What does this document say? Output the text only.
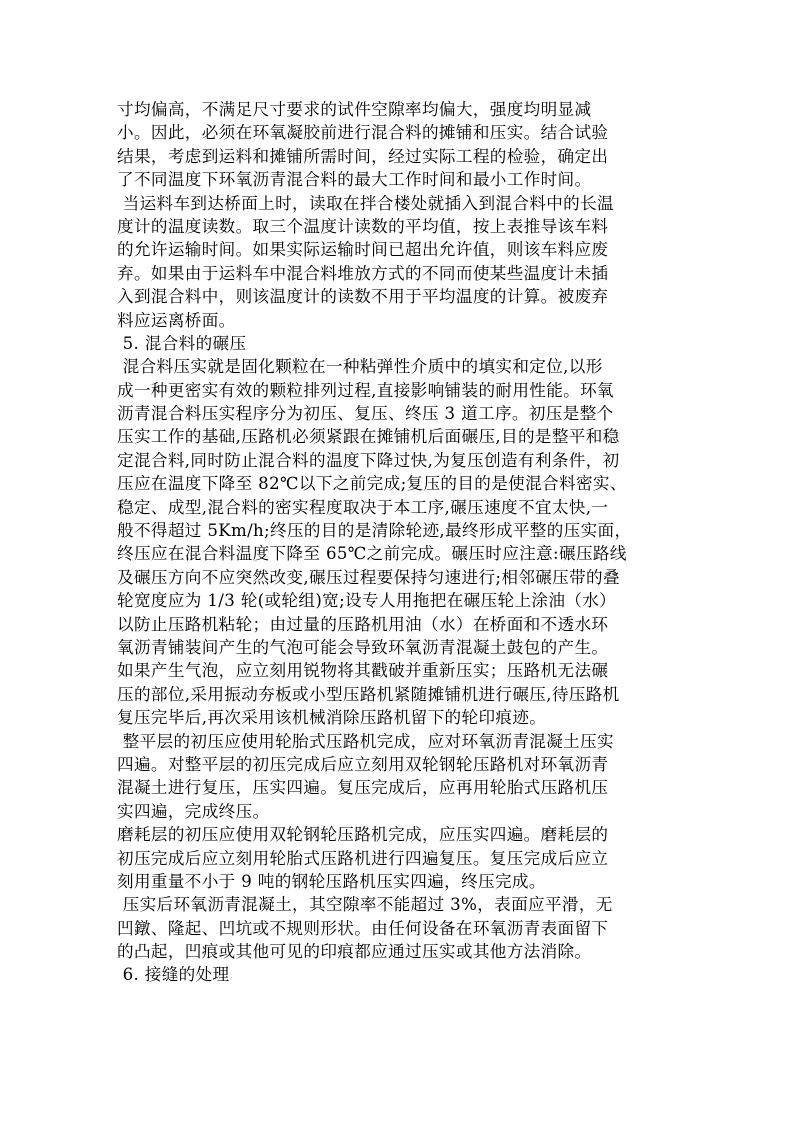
寸均偏高，不满足尺寸要求的试件空隙率均偏大，强度均明显减
小。因此，必须在环氧凝胶前进行混合料的摊铺和压实。结合试验
结果，考虑到运料和摊铺所需时间，经过实际工程的检验，确定出
了不同温度下环氧沥青混合料的最大工作时间和最小工作时间。
当运料车到达桥面上时，读取在拌合楼处就插入到混合料中的长温
度计的温度读数。取三个温度计读数的平均值，按上表推导该车料
的允许运输时间。如果实际运输时间已超出允许值，则该车料应废
弃。如果由于运料车中混合料堆放方式的不同而使某些温度计未插
入到混合料中，则该温度计的读数不用于平均温度的计算。被废弃
料应运离桥面。
5. 混合料的碾压
混合料压实就是固化颗粒在一种粘弹性介质中的填实和定位,以形
成一种更密实有效的颗粒排列过程,直接影响铺装的耐用性能。环氧
沥青混合料压实程序分为初压、复压、终压 3 道工序。初压是整个
压实工作的基础,压路机必须紧跟在摊铺机后面碾压,目的是整平和稳
定混合料,同时防止混合料的温度下降过快,为复压创造有利条件，初
压应在温度下降至 82℃以下之前完成;复压的目的是使混合料密实、
稳定、成型,混合料的密实程度取决于本工序,碾压速度不宜太快,一
般不得超过 5Km/h;终压的目的是清除轮迹,最终形成平整的压实面，
终压应在混合料温度下降至 65℃之前完成。碾压时应注意:碾压路线
及碾压方向不应突然改变,碾压过程要保持匀速进行;相邻碾压带的叠
轮宽度应为 1/3 轮(或轮组)宽;设专人用拖把在碾压轮上涂油（水）
以防止压路机粘轮；由过量的压路机用油（水）在桥面和不透水环
氧沥青铺装间产生的气泡可能会导致环氧沥青混凝土鼓包的产生。
如果产生气泡，应立刻用锐物将其戳破并重新压实；压路机无法碾
压的部位,采用振动夯板或小型压路机紧随摊铺机进行碾压,待压路机
复压完毕后,再次采用该机械消除压路机留下的轮印痕迹。
整平层的初压应使用轮胎式压路机完成，应对环氧沥青混凝土压实
四遍。对整平层的初压完成后应立刻用双轮钢轮压路机对环氧沥青
混凝土进行复压，压实四遍。复压完成后，应再用轮胎式压路机压
实四遍，完成终压。
磨耗层的初压应使用双轮钢轮压路机完成，应压实四遍。磨耗层的
初压完成后应立刻用轮胎式压路机进行四遍复压。复压完成后应立
刻用重量不小于 9 吨的钢轮压路机压实四遍，终压完成。
压实后环氧沥青混凝土，其空隙率不能超过 3%，表面应平滑，无
凹鐓、隆起、凹坑或不规则形状。由任何设备在环氧沥青表面留下
的凸起，凹痕或其他可见的印痕都应通过压实或其他方法消除。
6. 接缝的处理
